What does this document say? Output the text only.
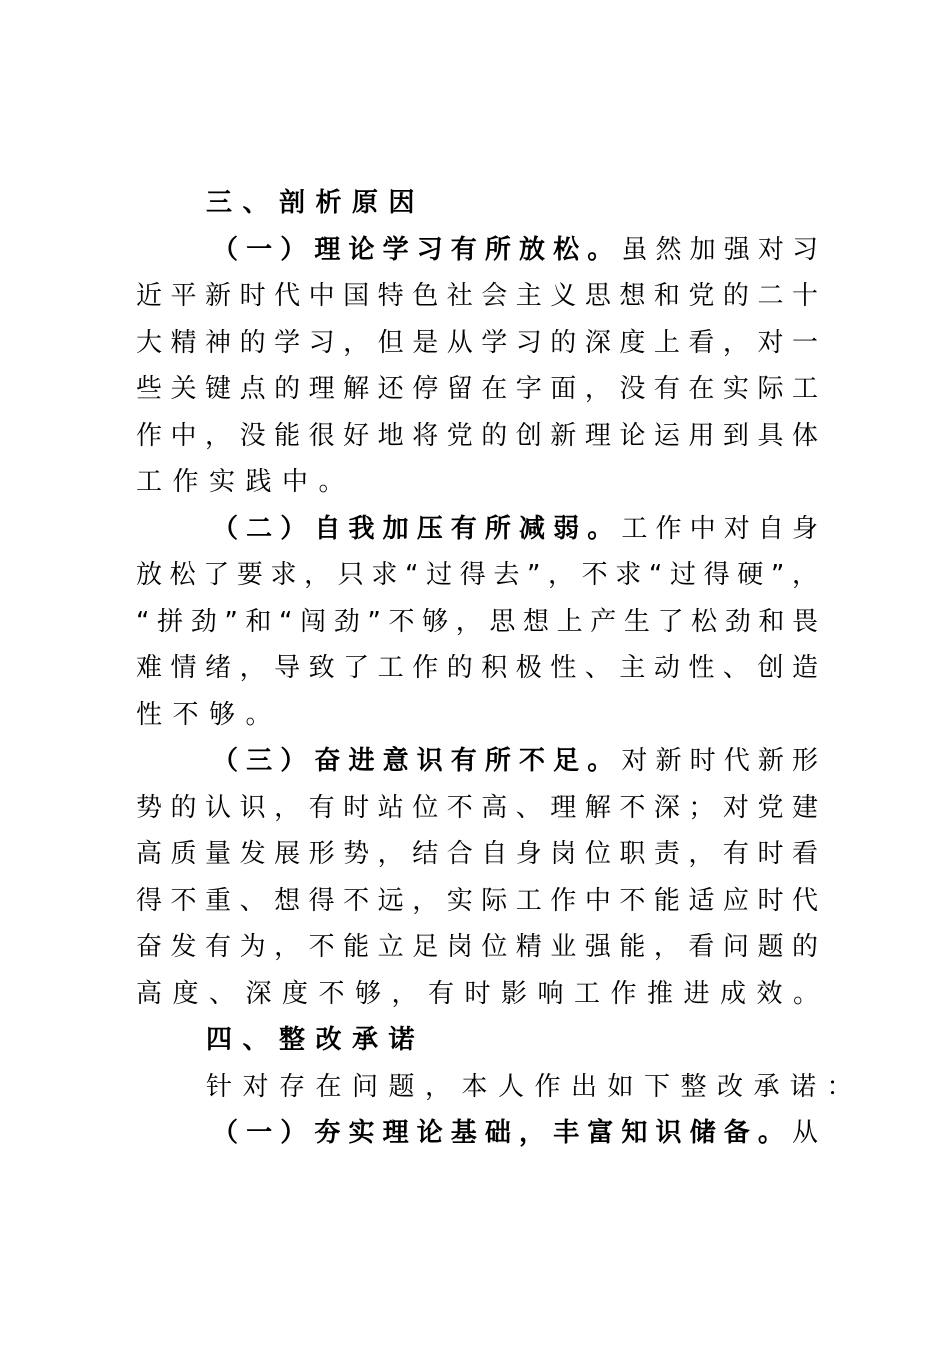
三、剖析原因
（一）理论学习有所放松。虽然加强对习
近平新时代中国特色社会主义思想和党的二十
大精神的学习，但是从学习的深度上看，对一
些关键点的理解还停留在字面，没有在实际工
作中，没能很好地将党的创新理论运用到具体
工作实践中。
（二）自我加压有所减弱。工作中对自身
放松了要求，只求“过得去”，不求“过得硬”，
“拼劲”和“闯劲”不够，思想上产生了松劲和畏
难情绪，导致了工作的积极性、主动性、创造
性不够。
（三）奋进意识有所不足。对新时代新形
势的认识，有时站位不高、理解不深；对党建
高质量发展形势，结合自身岗位职责，有时看
得不重、想得不远，实际工作中不能适应时代
奋发有为，不能立足岗位精业强能，看问题的
高度、深度不够，有时影响工作推进成效。
四、整改承诺
针对存在问题，本人作出如下整改承诺：
（一）夯实理论基础，丰富知识储备。从
